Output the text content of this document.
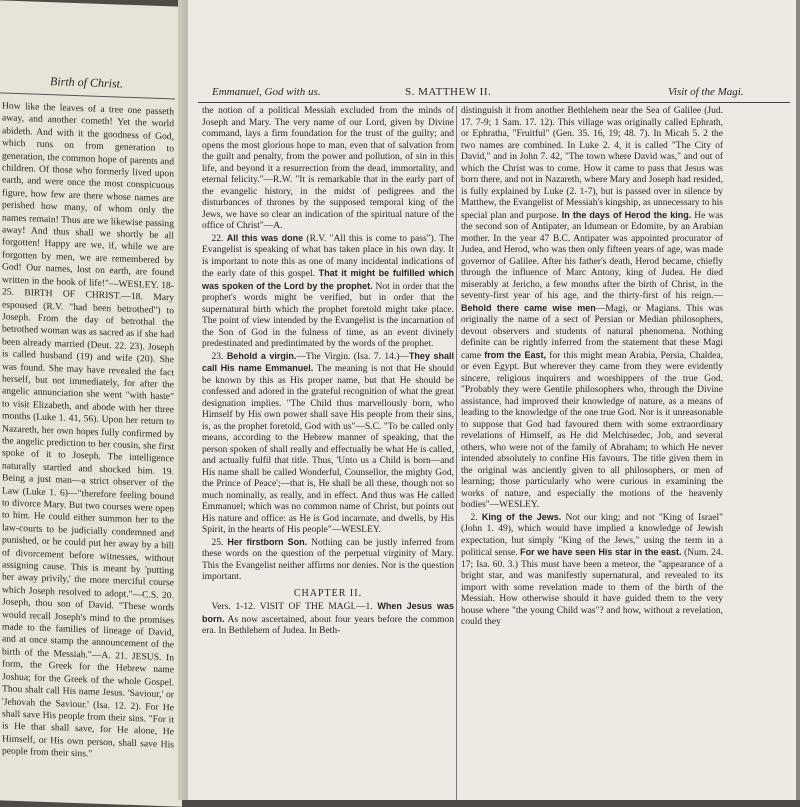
Birth of Christ.
How like the leaves of a tree one passeth away, and another cometh! Yet the world abideth. And with it the goodness of God, which runs on from generation to generation, the common hope of parents and children. Of those who formerly lived upon earth, and were once the most conspicuous figure, how few are there whose names are perished how many, of whom only the names remain! Thus are we likewise passing away! And thus shall we shortly be all forgotten! Happy are we, if, while we are forgotten by men, we are remembered by God! Our names, lost on earth, are found written in the book of life!"—WESLEY. 18-25. BIRTH OF CHRIST.—18. Mary espoused (R.V. "had been betrothed") to Joseph. From the day of betrothal the betrothed woman was as sacred as if she had been already married (Deut. 22. 23). Joseph is called husband (19) and wife (20). She was found. She may have revealed the fact herself, but not immediately, for after the angelic annunciation she went "with haste" to visit Elizabeth, and abode with her three months (Luke 1. 41, 56). Upon her return to Nazareth, her own hopes fully confirmed by the angelic prediction to her cousin, she first spoke of it to Joseph. The intelligence naturally startled and shocked him. 19. Being a just man—a strict observer of the Law (Luke 1. 6)—"therefore feeling bound to divorce Mary. But two courses were open to him. He could either summon her to the law-courts to be judicially condemned and punished, or he could put her away by a bill of divorcement before witnesses, without assigning cause. This is meant by 'putting her away privily,' the more merciful course which Joseph resolved to adopt."—C.S. 20. Joseph, thou son of David. "These words would recall Joseph's mind to the promises made to the families of lineage of David, and at once stamp the announcement of the birth of the Messiah."—A. 21. JESUS. In form, the Greek for the Hebrew name Joshua; for the Greek of the whole Gospel. Thou shalt call His name Jesus. 'Saviour,' or 'Jehovah the Saviour.' (Isa. 12. 2). For He shall save His people from their sins. "For it is He that shall save, for He alone, He Himself, or His own person, shall save His people from their sins."
Emmanuel, God with us.	S. MATTHEW II.	Visit of the Magi.

the notion of a political Messiah excluded from the minds of Joseph and Mary. The very name of our Lord, given by Divine command, lays a firm foundation for the trust of the guilty; and opens the most glorious hope to man, even that of salvation from the guilt and penalty, from the power and pollution, of sin in this life, and beyond it a resurrection from the dead, immortality, and eternal felicity."—R.W. "It is remarkable that in the early part of the evangelic history, in the midst of pedigrees and the disturbances of thrones by the supposed temporal king of the Jews, we have so clear an indication of the spiritual nature of the office of Christ"—A.

 22. All this was done (R.V. "All this is come to pass"). The Evangelist is speaking of what has taken place in his own day. It is important to note this as one of many incidental indications of the early date of this gospel. That it might be fulfilled which was spoken of the Lord by the prophet. Not in order that the prophet's words might be verified, but in order that the supernatural birth which the prophet foretold might take place. The point of view intended by the Evangelist is the incarnation of the Son of God in the fulness of time, as an event divinely predestinated and predintimated by the words of the prophet.

 23. Behold a virgin.—The Virgin. (Isa. 7. 14.)—They shall call His name Emmanuel. The meaning is not that He should be known by this as His proper name, but that He should be confessed and adored in the grateful recognition of what the great designation implies. "The Child thus marvellously born, who Himself by His own power shall save His people from their sins, is, as the prophet foretold, God with us"—S.C. "To be called only means, according to the Hebrew manner of speaking, that the person spoken of shall really and effectually be what He is called, and actually fulfil that title. Thus, 'Unto us a Child is born—and His name shall be called Wonderful, Counsellor, the mighty God, the Prince of Peace';—that is, He shall be all these, though not so much nominally, as really, and in effect. And thus was He called Emmanuel; which was no common name of Christ, but points out His nature and office: as He is God incarnate, and dwells, by His Spirit, in the hearts of His people"—WESLEY.

 25. Her firstborn Son. Nothing can be justly inferred from these words on the question of the perpetual virginity of Mary. This the Evangelist neither affirms nor denies. Nor is the question important.

CHAPTER II.

 Vers. 1-12. VISIT OF THE MAGI.—1. When Jesus was born. As now ascertained, about four years before the common era. In Bethlehem of Judea. In Beth-

distinguish it from another Bethlehem near the Sea of Galilee (Jud. 17. 7-9; 1 Sam. 17. 12). This village was originally called Ephrath, or Ephratha, "Fruitful" (Gen. 35. 16, 19; 48. 7). In Micah 5. 2 the two names are combined. In Luke 2. 4, it is called "The City of David," and in John 7. 42, "The town where David was," and out of which the Christ was to come. How it came to pass that Jesus was born there, and not in Nazareth, where Mary and Joseph had resided, is fully explained by Luke (2. 1-7), but is passed over in silence by Matthew, the Evangelist of Messiah's kingship, as unnecessary to his special plan and purpose. In the days of Herod the king. He was the second son of Antipater, an Idumean or Edomite, by an Arabian mother. In the year 47 B.C. Antipater was appointed procurator of Judea, and Herod, who was then only fifteen years of age, was made governor of Galilee. After his father's death, Herod became, chiefly through the influence of Marc Antony, king of Judea. He died miserably at Jericho, a few months after the birth of Christ, in the seventy-first year of his age, and the thirty-first of his reign.—Behold there came wise men—Magi, or Magians. This was originally the name of a sect of Persian or Median philosophers, devout observers and students of natural phenomena. Nothing definite can be rightly inferred from the statement that these Magi came from the East, for this might mean Arabia, Persia, Chaldea, or even Egypt. But wherever they came from they were evidently sincere, religious inquirers and worshippers of the true God. "Probably they were Gentile philosophers who, through the Divine assistance, had improved their knowledge of nature, as a means of leading to the knowledge of the one true God. Nor is it unreasonable to suppose that God had favoured them with some extraordinary revelations of Himself, as He did Melchisedec, Job, and several others, who were not of the family of Abraham; to which He never intended absolutely to confine His favours. The title given them in the original was anciently given to all philosophers, or men of learning; those particularly who were curious in examining the works of nature, and especially the motions of the heavenly bodies"—WESLEY.

 2. King of the Jews. Not our king; and not "King of Israel" (John 1. 49), which would have implied a knowledge of Jewish expectation, but simply "King of the Jews," using the term in a political sense. For we have seen His star in the east. (Num. 24. 17; Isa. 60. 3.) This must have been a meteor, the "appearance of a bright star, and was manifestly supernatural, and revealed to its import with some revelation made to them of the birth of the Messiah. How otherwise should it have guided them to the very house where "the young Child was"? and how, without a revelation, could they
